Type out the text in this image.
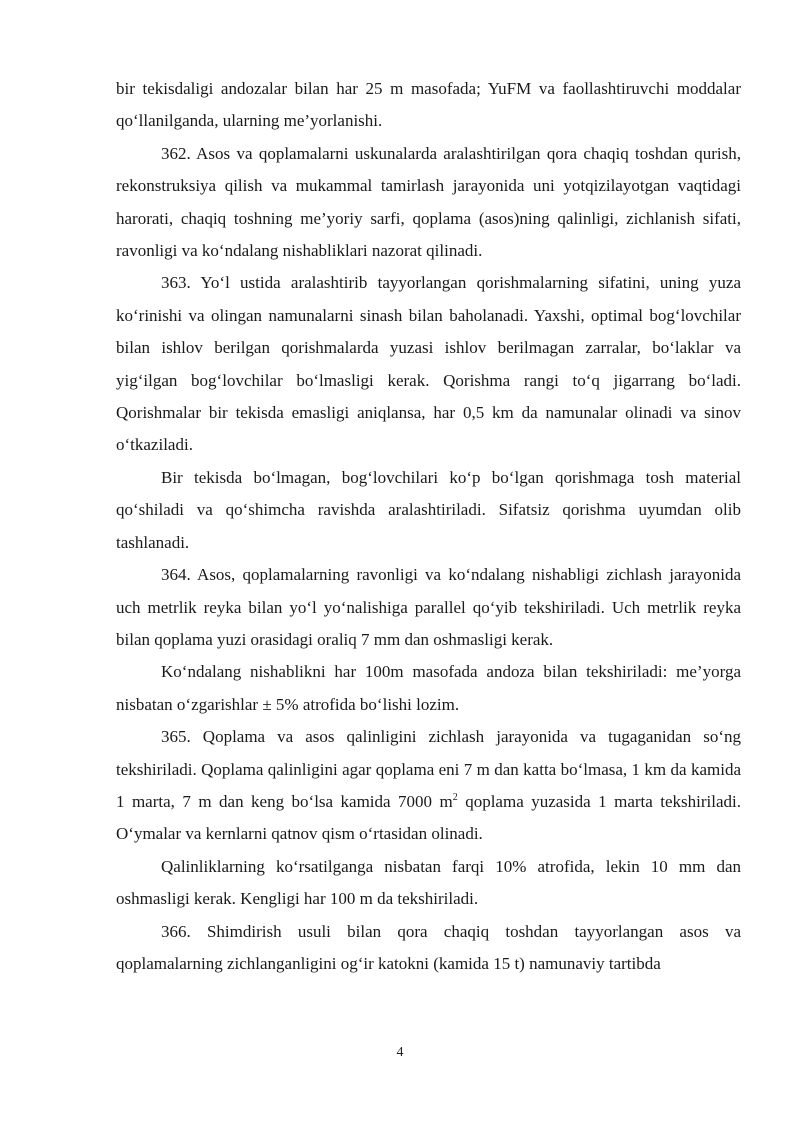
bir tekisdaligi andozalar bilan har 25 m masofada; YuFM va faollashtiruvchi moddalar qo‘llanilganda, ularning me’yorlanishi.

362. Asos va qoplamalarni uskunalarda aralashtirilgan qora chaqiq toshdan qurish, rekonstruksiya qilish va mukammal tamirlash jarayonida uni yotqizilayotgan vaqtidagi harorati, chaqiq toshning me’yoriy sarfi, qoplama (asos)ning qalinligi, zichlanish sifati, ravonligi va ko‘ndalang nishabliklari nazorat qilinadi.

363. Yo‘l ustida aralashtirib tayyorlangan qorishmalarning sifatini, uning yuza ko‘rinishi va olingan namunalarni sinash bilan baholanadi. Yaxshi, optimal bog‘lovchilar bilan ishlov berilgan qorishmalarda yuzasi ishlov berilmagan zarralar, bo‘laklar va yig‘ilgan bog‘lovchilar bo‘lmasligi kerak. Qorishma rangi to‘q jigarrang bo‘ladi. Qorishmalar bir tekisda emasligi aniqlansa, har 0,5 km da namunalar olinadi va sinov o‘tkaziladi.

Bir tekisda bo‘lmagan, bog‘lovchilari ko‘p bo‘lgan qorishmaga tosh material qo‘shiladi va qo‘shimcha ravishda aralashtiriladi. Sifatsiz qorishma uyumdan olib tashlanadi.

364. Asos, qoplamalarning ravonligi va ko‘ndalang nishabligi zichlash jarayonida uch metrlik reyka bilan yo‘l yo‘nalishiga parallel qo‘yib tekshiriladi. Uch metrlik reyka bilan qoplama yuzi orasidagi oraliq 7 mm dan oshmasligi kerak.

Ko‘ndalang nishablikni har 100m masofada andoza bilan tekshiriladi: me’yorga nisbatan o‘zgarishlar ± 5% atrofida bo‘lishi lozim.

365. Qoplama va asos qalinligini zichlash jarayonida va tugaganidan so‘ng tekshiriladi. Qoplama qalinligini agar qoplama eni 7 m dan katta bo‘lmasa, 1 km da kamida 1 marta, 7 m dan keng bo‘lsa kamida 7000 $m^2$ qoplama yuzasida 1 marta tekshiriladi. O‘ymalar va kernlarni qatnov qism o‘rtasidan olinadi.

Qalinliklarning ko‘rsatilganga nisbatan farqi 10% atrofida, lekin 10 mm dan oshmasligi kerak. Kengligi har 100 m da tekshiriladi.

366. Shimdirish usuli bilan qora chaqiq toshdan tayyorlangan asos va qoplamalarning zichlanganligini og‘ir katokni (kamida 15 t) namunaviy tartibda

4
